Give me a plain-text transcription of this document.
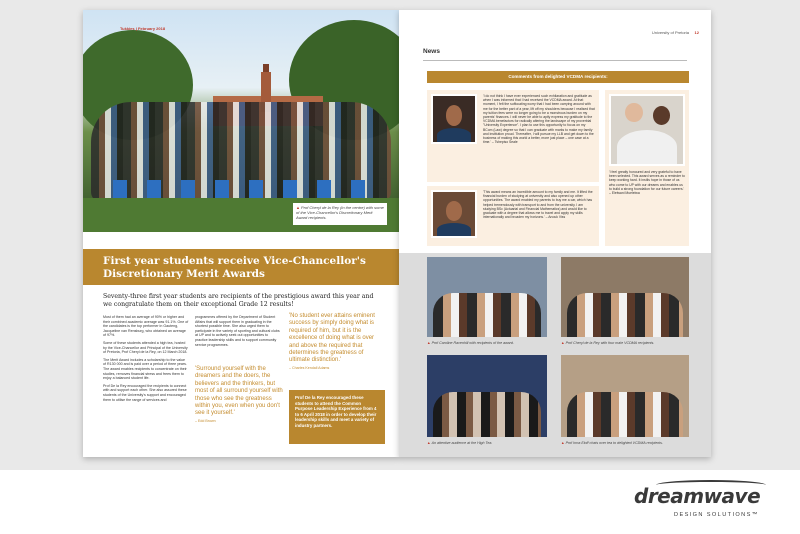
Tukkies | February 2018
▲Prof Cheryl de la Rey (in the centre) with some of the Vice-Chancellor's Discretionary Merit Award recipients.
First year students receive Vice-Chancellor's Discretionary Merit Awards
Seventy-three first year students are recipients of the prestigious award this year and we congratulate them on their exceptional Grade 12 results!

Most of them had an average of 90% or higher and their combined academic average was 91.1%. One of the candidates is the top performer in Gauteng, Jacqueline van Rensburg, who obtained an average of 97%.

Some of these students attended a high tea, hosted by the Vice-Chancellor and Principal of the University of Pretoria, Prof Cheryl de la Rey, on 12 March 2018.

The Merit Award includes a scholarship to the value of R130 000 and is paid over a period of three years. The award enables recipients to concentrate on their studies, removes financial stress and frees them to enjoy a balanced student life.

Prof De la Rey encouraged the recipients to connect with and support each other. She also assured these students of the University's support and encouraged them to utilise the range of services and

programmes offered by the Department of Student Affairs that will support them in graduating in the shortest possible time. She also urged them to participate in the variety of sporting and cultural clubs at UP and to actively seek out opportunities to practice leadership skills and to support community service programmes.

'No student ever attains eminent success by simply doing what is required of him, but it is the excellence of doing what is over and above the required that determines the greatness of ultimate distinction.'
– Charles Kendall Adams
'Surround yourself with the dreamers and the doers, the believers and the thinkers, but most of all surround yourself with those who see the greatness within you, even when you don't see it yourself.'
– Edd Brown
Prof De la Rey encouraged these students to attend the Common Purpose Leadership Experience from 4 to 6 April 2018 in order to develop their leadership skills and meet a variety of industry partners.
University of Pretoria 12
News
Comments from delighted VCDMA recipients:
'I do not think I have ever experienced such exhilaration and gratitude as when I was informed that I had received the VCDMA award. At that moment, I felt the suffocating worry that I had been carrying around with me for the better part of a year, lift off my shoulders because I realised that my tuition fees were no longer going to be a monstrous burden on my parents' finances. I will never be able to aptly express my gratitude to the VCDMA benefactors for radically altering the landscape of my proverbial "University Experience". I plan to use this opportunity to focus on my BCom (Law) degree so that I can graduate with marks to make my family and institution proud. Thereafter, I will pursue my LLB and get down to the business of making this world a better, more just place – one case at a time.' – Tshepiso Seale
'This award means an incredible amount to my family and me. It lifted the financial burden of studying at university and also opened up other opportunities. The award enabled my parents to buy me a car, which has helped tremendously with transport to and from the university. I am studying BSc (Actuarial and Financial Mathematics) and would like to graduate with a degree that allows me to travel and apply my skills internationally and broaden my horizons.' – Anouk Viss
'I feel greatly honoured and very grateful to have been selected. This award serves as a reminder to keep working hard. It instils hope in those of us who come to UP with our dreams and enables us to build a strong foundation for our future careers.' – Elelwani Muelelwa
▲Prof Caroline Ravenhill with recipients of the award.	▲Prof Cheryl de la Rey with four male VCDMA recipients.
▲An attentive audience at the High Tea.	▲Prof Irma Eloff chats over tea to delighted VCDMA recipients.
dreamwave
DESIGN SOLUTIONS™
